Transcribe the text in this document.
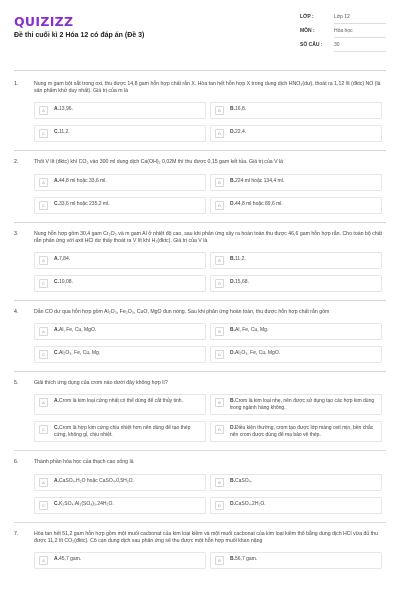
QUIZIZZ
Đề thi cuối kì 2 Hóa 12 có đáp án (Đề 3)
LỚP :	Lớp 12
MÔN :	Hóa học
SỐ CÂU : 30
1.	Nung m gam bột sắt trong oxi, thu được 14,8 gam hỗn hợp chất rắn X. Hòa tan hết hỗn hợp X trong dung dịch HNO₃(dư), thoát ra 1,12 lít (đktc) NO (là sản phẩm khử duy nhất). Giá trị của m là
A	A.13,96.	B	B.16,8.
C	C.11,2.	D	D.22,4.
2.	Thổi V lít (đktc) khí CO₂ vào 300 ml dung dịch Ca(OH)₂ 0,02M thì thu được 0,15 gam kết tủa. Giá trị của V là
A	A.44,8 ml hoặc 33,6 ml.	B	B.224 ml hoặc 134,4 ml.
C	C.33,6 ml hoặc 235,2 ml.	D	D.44,8 ml hoặc 89,6 ml.
3.	Nung hỗn hợp gồm 30,4 gam Cr₂O₃ và m gam Al ở nhiệt độ cao, sau khi phản ứng xảy ra hoàn toàn thu được 46,6 gam hỗn hợp rắn. Cho toàn bộ chất rắn phản ứng với axit HCl dư thấy thoát ra V lít khí H₂(đktc). Giá trị của V là
A	A.7,84.	B	B.11,2.
C	C.10,08.	D	D.15,68.
4.	Dẫn CO dư qua hỗn hợp gồm Al₂O₃, Fe₂O₃, CuO, MgO đun nóng. Sau khi phản ứng hoàn toàn, thu được hỗn hợp chất rắn gồm
A	A.Al, Fe, Cu, MgO.	B	B.Al, Fe, Cu, Mg.
C	C.Al₂O₃, Fe, Cu, Mg.	D	D.Al₂O₃, Fe, Cu, MgO.
5.	Giải thích ứng dụng của crom nào dưới đây không hợp lí?
A	A.Crom là kim loại cứng nhất có thể dùng để cắt thủy tinh.	B	B.Crom là kim loại nhẹ, nên được sử dụng tạo các hợp kim dùng trong ngành hàng không.
C	C.Crom là hợp kim cứng chịu nhiệt hơn nên dùng để tạo thép cứng, không gỉ, chịu nhiệt.
D	D.Điều kiện thường, crom tạo được lớp màng oxit mịn, bền chắc nên crom được dùng để mạ bảo vệ thép.
6.	Thành phần hóa học của thạch cao sống là
A	A.CaSO₄.H₂O hoặc CaSO₄.0,5H₂O.	B	B.CaSO₄.
C	C.K₂SO₄.Al₂(SO₄)₃.24H₂O.	D	D.CaSO₄.2H₂O.
7.	Hòa tan hết 51,2 gam hỗn hợp gồm một muối cacbonat của kim loại kiềm và một muối cacbonat của kim loại kiềm thổ bằng dung dịch HCl vừa đủ thu được 11,2 lít CO₂(đktc). Cô cạn dung dịch sau phản ứng sẽ thu được một hỗn hợp muối khan nặng
A	A.45,7 gam.	B	B.56,7 gam.
